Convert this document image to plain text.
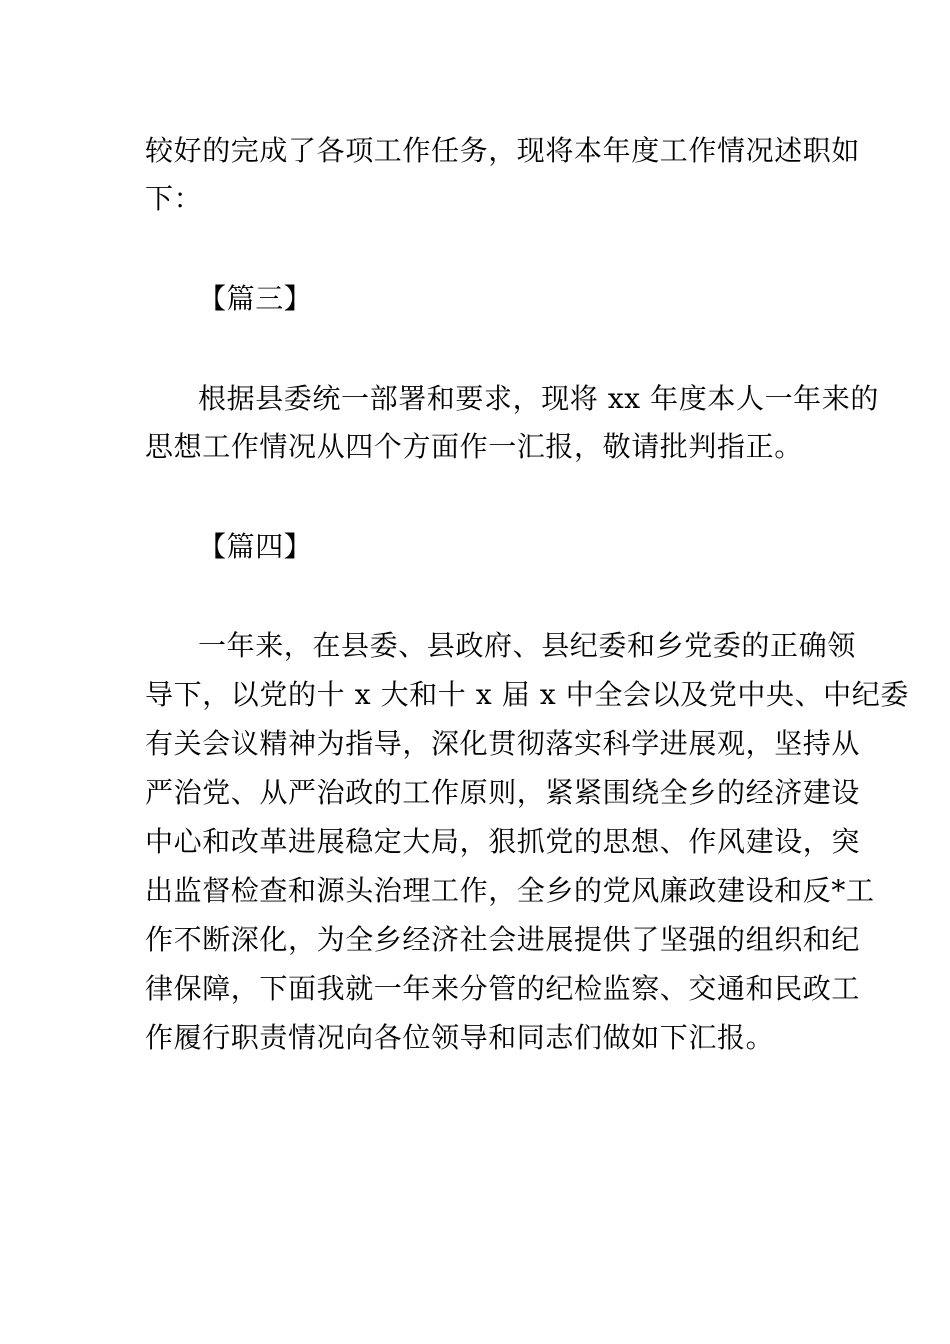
较好的完成了各项工作任务，现将本年度工作情况述职如
下：
【篇三】
根据县委统一部署和要求，现将 xx 年度本人一年来的
思想工作情况从四个方面作一汇报，敬请批判指正。
【篇四】
一年来，在县委、县政府、县纪委和乡党委的正确领
导下，以党的十 x 大和十 x 届 x 中全会以及党中央、中纪委
有关会议精神为指导，深化贯彻落实科学进展观，坚持从
严治党、从严治政的工作原则，紧紧围绕全乡的经济建设
中心和改革进展稳定大局，狠抓党的思想、作风建设，突
出监督检查和源头治理工作，全乡的党风廉政建设和反*工
作不断深化，为全乡经济社会进展提供了坚强的组织和纪
律保障，下面我就一年来分管的纪检监察、交通和民政工
作履行职责情况向各位领导和同志们做如下汇报。
